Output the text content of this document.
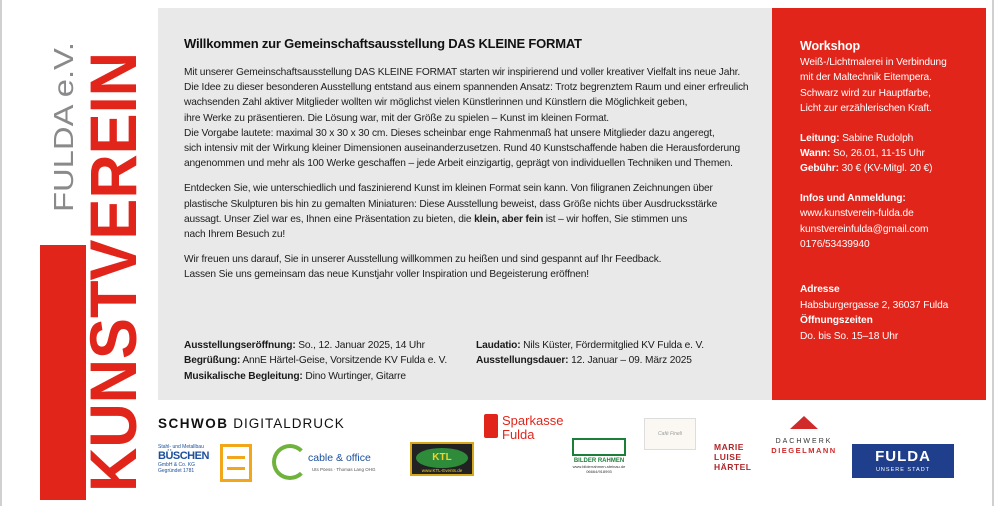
KUNSTVEREIN
FULDA e.V.
Willkommen zur Gemeinschaftsausstellung DAS KLEINE FORMAT
Mit unserer Gemeinschaftsausstellung DAS KLEINE FORMAT starten wir inspirierend und voller kreativer Vielfalt ins neue Jahr.
Die Idee zu dieser besonderen Ausstellung entstand aus einem spannenden Ansatz: Trotz begrenztem Raum und einer erfreulich
wachsenden Zahl aktiver Mitglieder wollten wir möglichst vielen Künstlerinnen und Künstlern die Möglichkeit geben,
ihre Werke zu präsentieren. Die Lösung war, mit der Größe zu spielen – Kunst im kleinen Format.
Die Vorgabe lautete: maximal 30 x 30 x 30 cm. Dieses scheinbar enge Rahmenmaß hat unsere Mitglieder dazu angeregt,
sich intensiv mit der Wirkung kleiner Dimensionen auseinanderzusetzen. Rund 40 Kunstschaffende haben die Herausforderung
angenommen und mehr als 100 Werke geschaffen – jede Arbeit einzigartig, geprägt von individuellen Techniken und Themen.
Entdecken Sie, wie unterschiedlich und faszinierend Kunst im kleinen Format sein kann. Von filigranen Zeichnungen über
plastische Skulpturen bis hin zu gemalten Miniaturen: Diese Ausstellung beweist, dass Größe nichts über Ausdrucksstärke
aussagt. Unser Ziel war es, Ihnen eine Präsentation zu bieten, die klein, aber fein ist – wir hoffen, Sie stimmen uns
nach Ihrem Besuch zu!
Wir freuen uns darauf, Sie in unserer Ausstellung willkommen zu heißen und sind gespannt auf Ihr Feedback.
Lassen Sie uns gemeinsam das neue Kunstjahr voller Inspiration und Begeisterung eröffnen!
Ausstellungseröffnung: So., 12. Januar 2025, 14 Uhr
Begrüßung: AnnE Härtel-Geise, Vorsitzende KV Fulda e. V.
Musikalische Begleitung: Dino Wurtinger, Gitarre
Laudatio: Nils Küster, Fördermitglied KV Fulda e. V.
Ausstellungsdauer: 12. Januar – 09. März 2025
Workshop
Weiß-/Lichtmalerei in Verbindung
mit der Maltechnik Eitempera.
Schwarz wird zur Hauptfarbe,
Licht zur erzählerischen Kraft.
Leitung: Sabine Rudolph
Wann: So, 26.01, 11-15 Uhr
Gebühr: 30 € (KV-Mitgl. 20 €)
Infos und Anmeldung:
www.kunstverein-fulda.de
kunstvereinfulda@gmail.com
0176/53439940
Adresse
Habsburgergasse 2, 36037 Fulda
Öffnungszeiten
Do. bis So. 15–18 Uhr
SCHWOB DIGITALDRUCK	Sparkasse
Fulda
Stahl- und Metallbau
BÜSCHEN
GmbH & Co. KG
Gegründet 1781
cable & office
Uts Pöess · Thomas Lang OHG
KTL
www.KTL-Events.de
BILDER RAHMEN
www.bilderrahmen-steinau.de
06664/918993
Café Fineli
MARIE
LUISE
HÄRTEL
DACHWERK
DIEGELMANN	FULDA
UNSERE STADT
